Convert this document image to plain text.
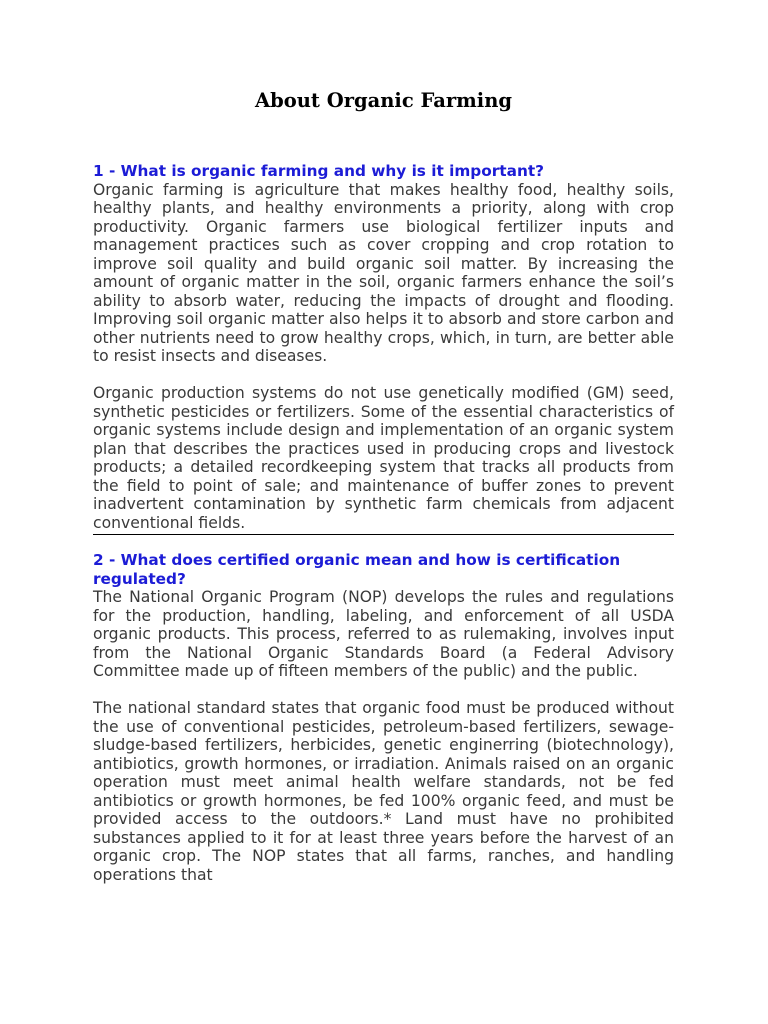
About Organic Farming
1 - What is organic farming and why is it important?

Organic farming is agriculture that makes healthy food, healthy soils, healthy plants, and healthy environments a priority, along with crop productivity. Organic farmers use biological fertilizer inputs and management practices such as cover cropping and crop rotation to improve soil quality and build organic soil matter. By increasing the amount of organic matter in the soil, organic farmers enhance the soil’s ability to absorb water, reducing the impacts of drought and flooding. Improving soil organic matter also helps it to absorb and store carbon and other nutrients need to grow healthy crops, which, in turn, are better able to resist insects and diseases.

Organic production systems do not use genetically modified (GM) seed, synthetic pesticides or fertilizers. Some of the essential characteristics of organic systems include design and implementation of an organic system plan that describes the practices used in producing crops and livestock products; a detailed recordkeeping system that tracks all products from the field to point of sale; and maintenance of buffer zones to prevent inadvertent contamination by synthetic farm chemicals from adjacent conventional fields.

2 - What does certified organic mean and how is certification regulated?

The National Organic Program (NOP) develops the rules and regulations for the production, handling, labeling, and enforcement of all USDA organic products. This process, referred to as rulemaking, involves input from the National Organic Standards Board (a Federal Advisory Committee made up of fifteen members of the public) and the public.

The national standard states that organic food must be produced without the use of conventional pesticides, petroleum-based fertilizers, sewage-sludge-based fertilizers, herbicides, genetic enginerring (biotechnology), antibiotics, growth hormones, or irradiation. Animals raised on an organic operation must meet animal health welfare standards, not be fed antibiotics or growth hormones, be fed 100% organic feed, and must be provided access to the outdoors.* Land must have no prohibited substances applied to it for at least three years before the harvest of an organic crop. The NOP states that all farms, ranches, and handling operations that
